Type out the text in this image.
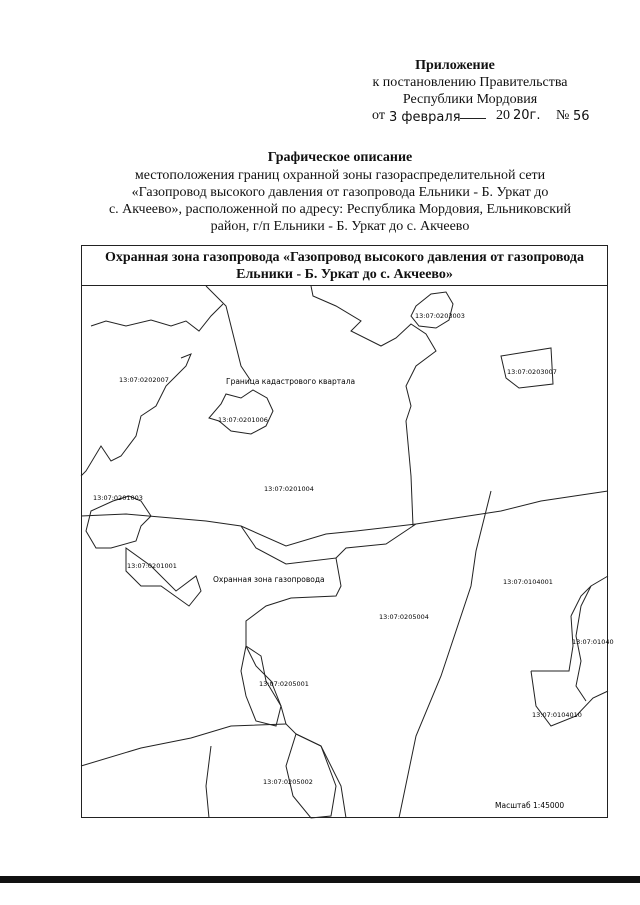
Приложение
к постановлению Правительства
Республики Мордовия
от 3 февраля	20 20г. № 56
Графическое описание
местоположения границ охранной зоны газораспределительной сети
«Газопровод высокого давления от газопровода Ельники - Б. Уркат до
с. Акчеево», расположенной по адресу: Республика Мордовия, Ельниковский
район, г/п Ельники - Б. Уркат до с. Акчеево
Охранная зона газопровода «Газопровод высокого давления от газопровода
Ельники - Б. Уркат до с. Акчеево»
13:07:0202007
13:07:0203003
13:07:0203007
Граница кадастрового квартала
13:07:0201006
13:07:0201004
13:07:0201003
13:07:0201001
Охранная зона газопровода
13:07:0205004
13:07:0104001
13:07:01040
13:07:0104010
13:07:0205001
13:07:0205002
Масштаб 1:45000
